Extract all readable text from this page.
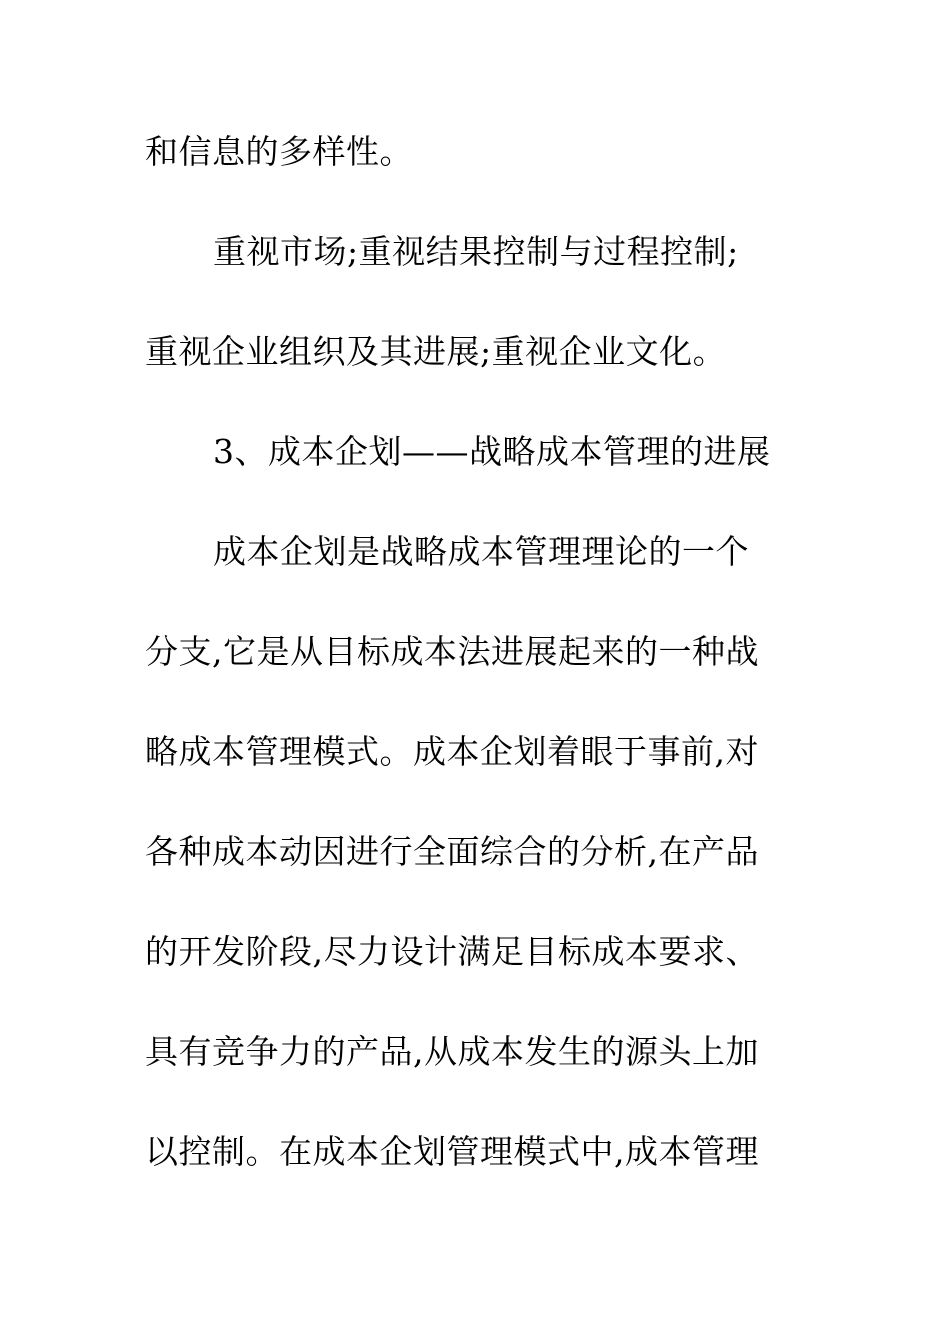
和信息的多样性。
重视市场;重视结果控制与过程控制;
重视企业组织及其进展;重视企业文化。
3、成本企划——战略成本管理的进展
成本企划是战略成本管理理论的一个
分支,它是从目标成本法进展起来的一种战
略成本管理模式。成本企划着眼于事前,对
各种成本动因进行全面综合的分析,在产品
的开发阶段,尽力设计满足目标成本要求、
具有竞争力的产品,从成本发生的源头上加
以控制。在成本企划管理模式中,成本管理
